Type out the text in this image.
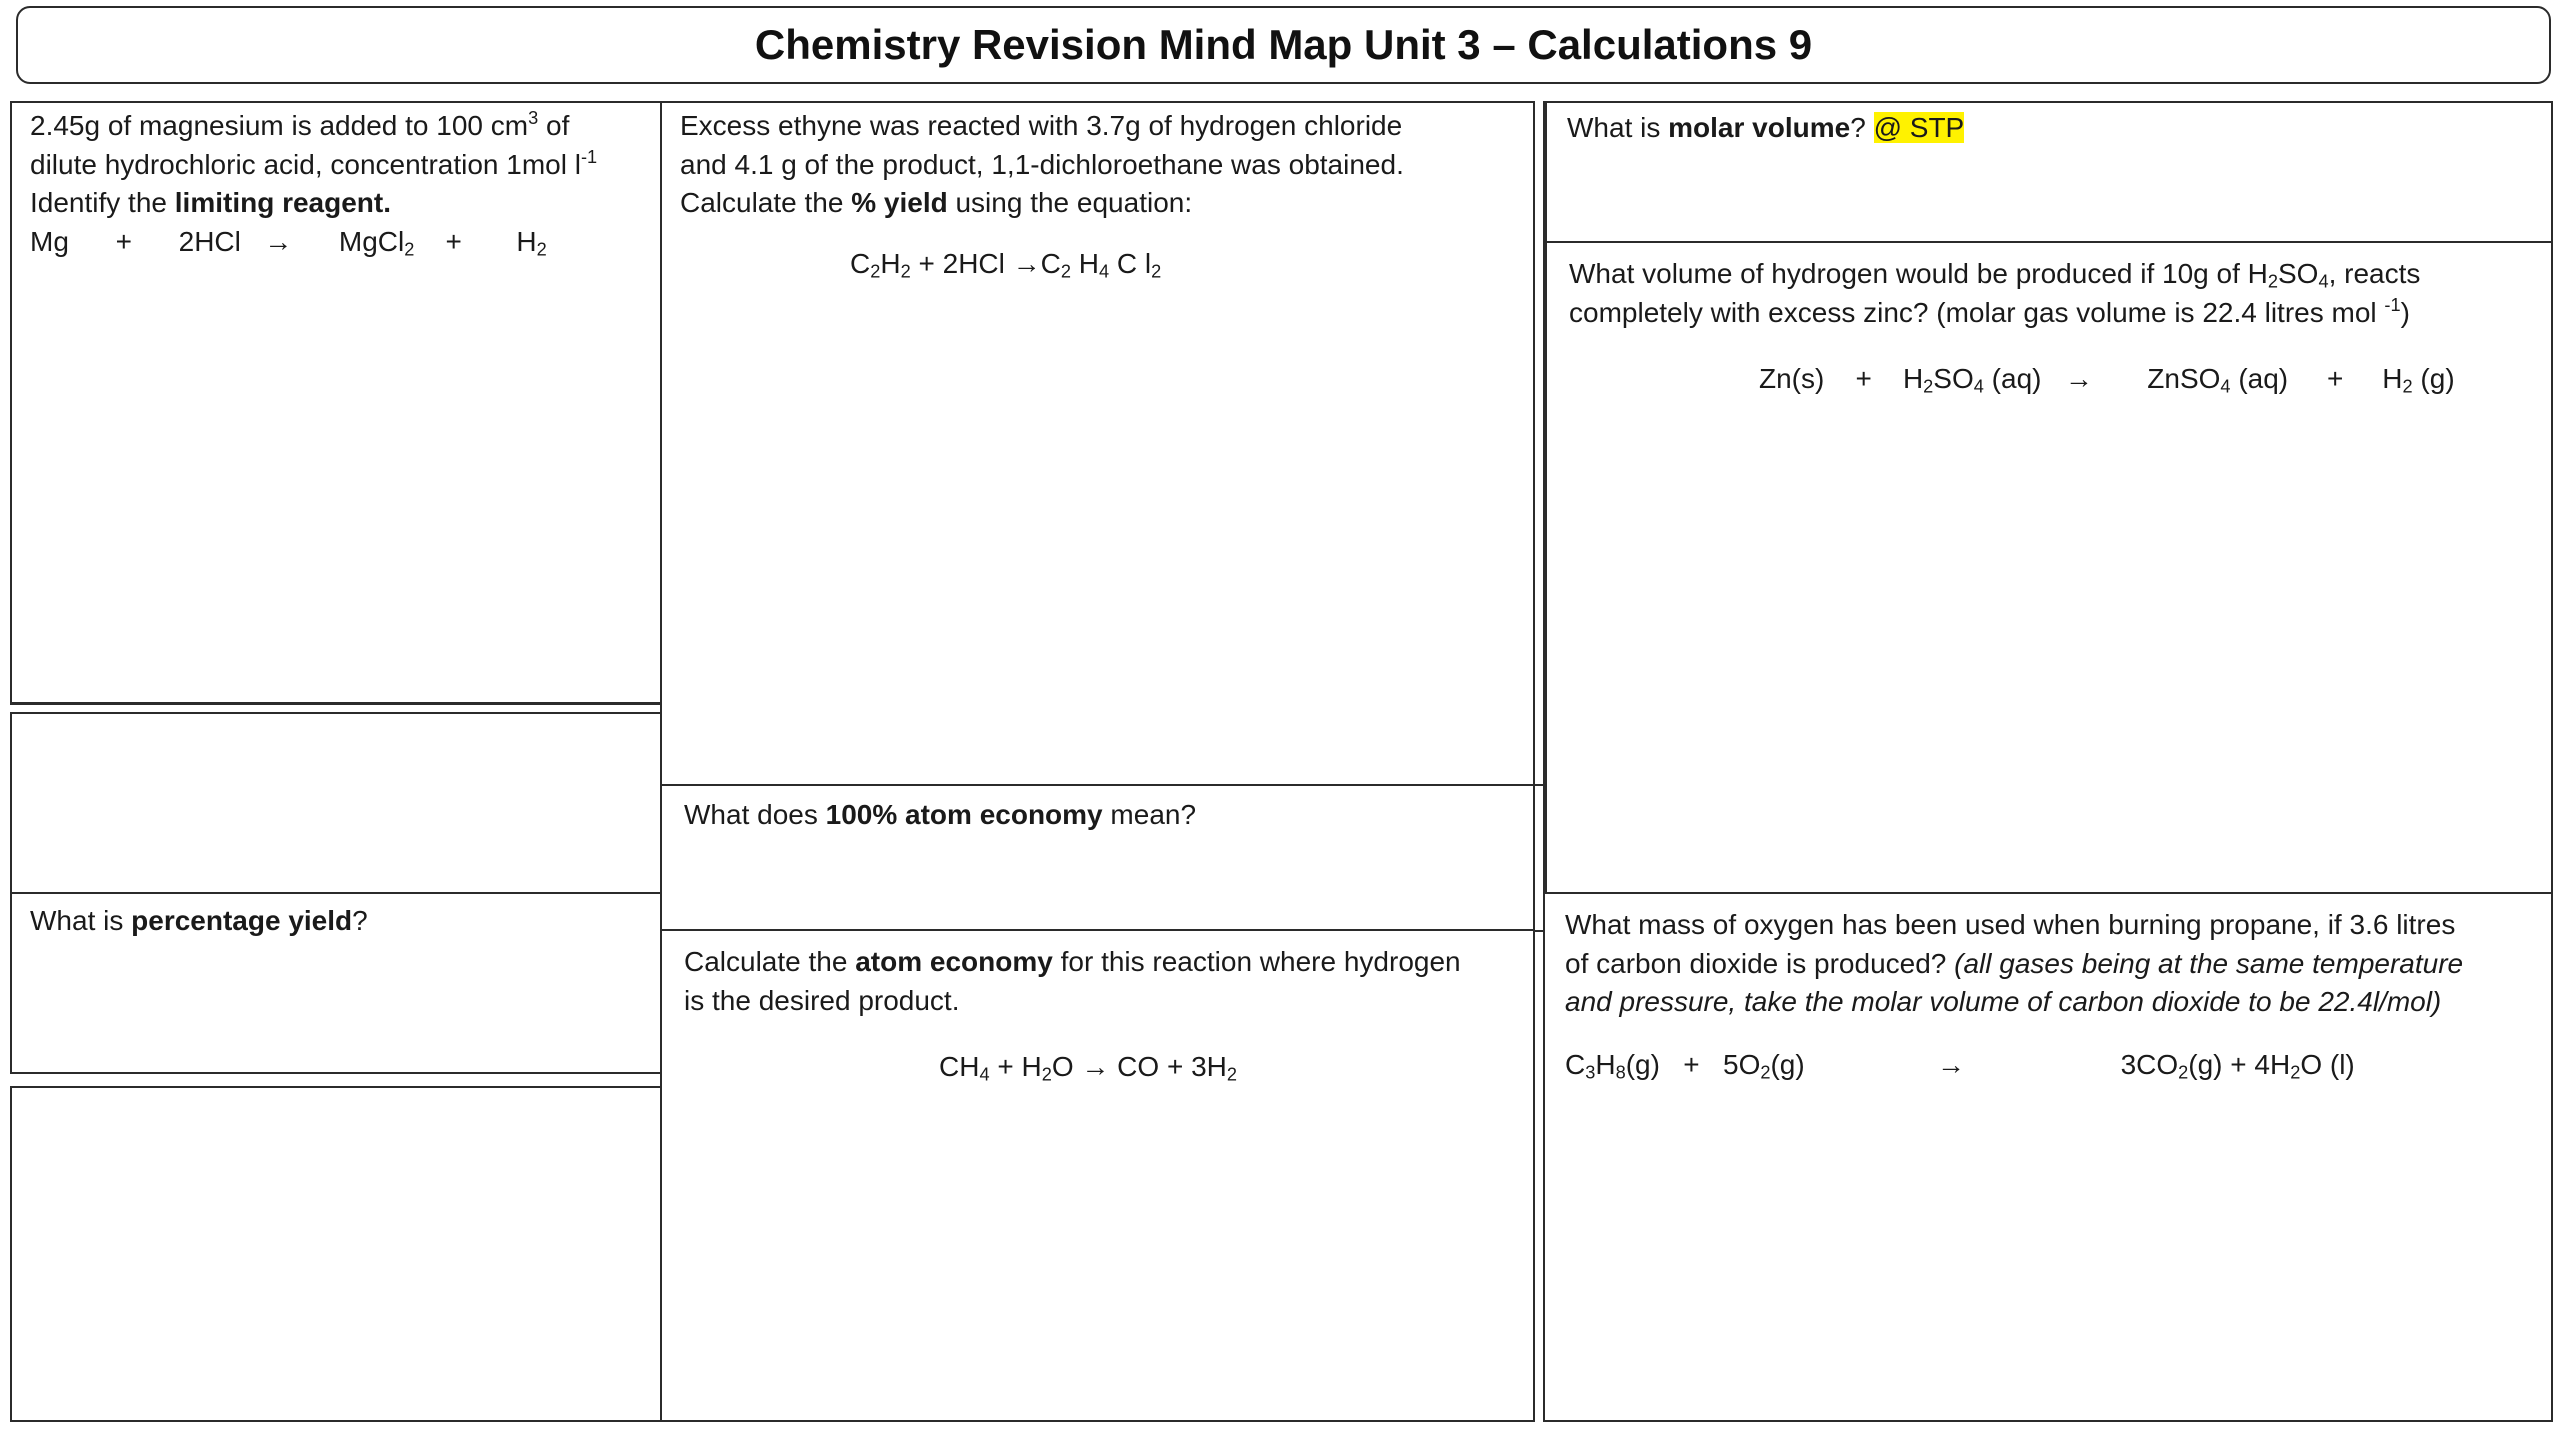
Chemistry Revision Mind Map Unit 3 – Calculations 9

2.45g of magnesium is added to 100 $cm^3$ of

dilute hydrochloric acid, concentration 1mol $l^{-1}$

Identify the limiting reagent.

Mg + 2HCl → MgCl$_2$ + $H_2$

What is percentage yield?

Excess ethyne was reacted with 3.7g of hydrogen chloride

and 4.1 g of the product, 1,1-dichloroethane was obtained.

Calculate the % yield using the equation:

$C_2H_2 + 2HCl \to C_2$ $H_4$ C $l_2$

What does 100% atom economy mean?

Calculate the atom economy for this reaction where hydrogen

is the desired product.

$CH_4 + H_2O$ → CO + $3H_2$

What is molar volume? @ STP

What volume of hydrogen would be produced if 10g of $H_2SO_4$, reacts

completely with excess zinc? (molar gas volume is 22.4 litres mol $^{-1}$)

$Zn(s) + H_2SO_4$ (aq) → ZnSO$_4$ $(aq) + H_2$ (g)

What mass of oxygen has been used when burning propane, if 3.6 litres

of carbon dioxide is produced? (all gases being at the same temperature

and pressure, take the molar volume of carbon dioxide to be 22.4l/mol)

$C_3H_8(g) + 5O_2(g)$	→	$3CO_2(g) + 4H_2O$ (l)
